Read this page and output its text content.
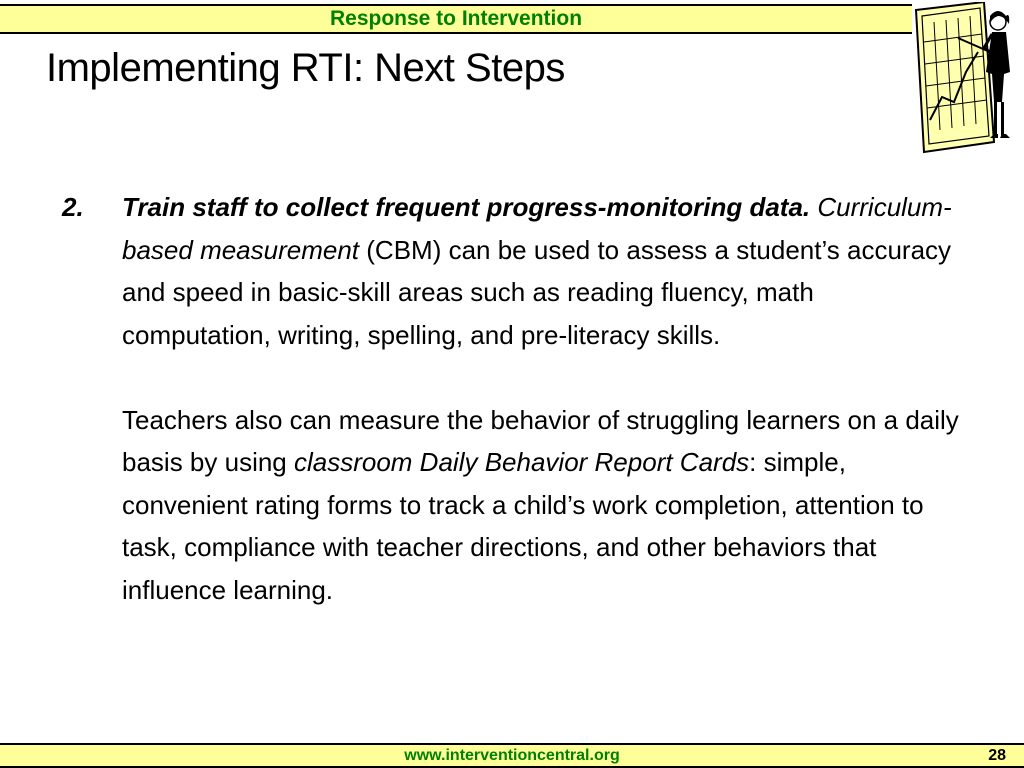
Response to Intervention
Implementing RTI: Next Steps
2.	Train staff to collect frequent progress-monitoring data. Curriculum-based measurement (CBM) can be used to assess a student’s accuracy and speed in basic-skill areas such as reading fluency, math computation, writing, spelling, and pre-literacy skills.

Teachers also can measure the behavior of struggling learners on a daily basis by using classroom Daily Behavior Report Cards: simple, convenient rating forms to track a child’s work completion, attention to task, compliance with teacher directions, and other behaviors that influence learning.

www.interventioncentral.org	28
